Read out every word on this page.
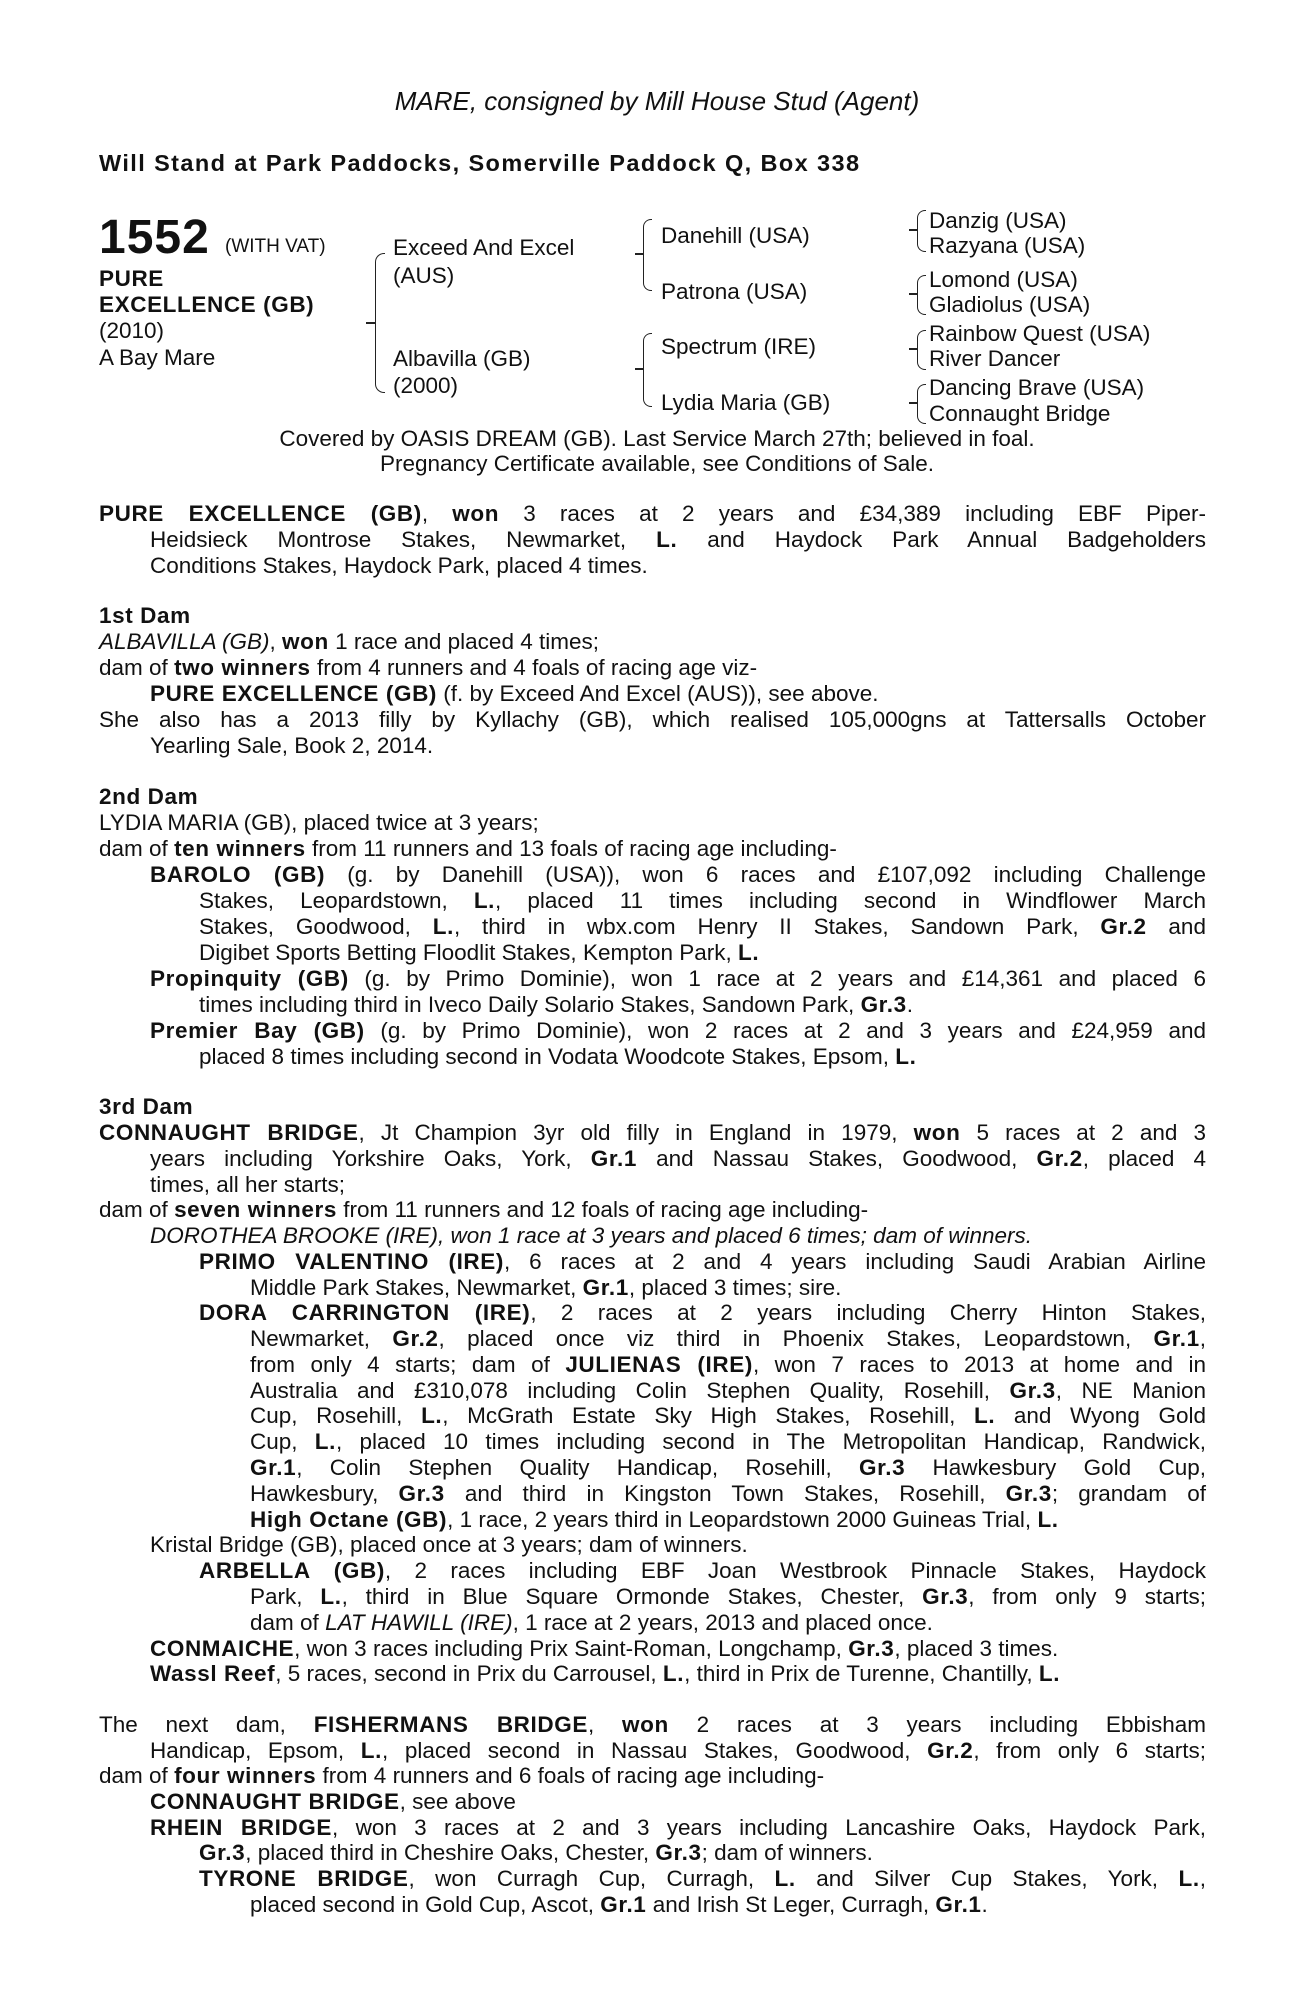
MARE, consigned by Mill House Stud (Agent)
Will Stand at Park Paddocks, Somerville Paddock Q, Box 338
1552 (WITH VAT)
PURE
EXCELLENCE (GB)
(2010)
A Bay Mare
Exceed And Excel
(AUS)
Albavilla (GB)
(2000)
Danehill (USA)
Patrona (USA)
Spectrum (IRE)
Lydia Maria (GB)
Danzig (USA)
Razyana (USA)
Lomond (USA)
Gladiolus (USA)
Rainbow Quest (USA)
River Dancer
Dancing Brave (USA)
Connaught Bridge
Covered by OASIS DREAM (GB). Last Service March 27th; believed in foal.
Pregnancy Certificate available, see Conditions of Sale.
PURE EXCELLENCE (GB), won 3 races at 2 years and £34,389 including EBF Piper-
Heidsieck Montrose Stakes, Newmarket, L. and Haydock Park Annual Badgeholders
Conditions Stakes, Haydock Park, placed 4 times.
1st Dam
ALBAVILLA (GB), won 1 race and placed 4 times;
dam of two winners from 4 runners and 4 foals of racing age viz-
PURE EXCELLENCE (GB) (f. by Exceed And Excel (AUS)), see above.
She also has a 2013 filly by Kyllachy (GB), which realised 105,000gns at Tattersalls October
Yearling Sale, Book 2, 2014.
2nd Dam
LYDIA MARIA (GB), placed twice at 3 years;
dam of ten winners from 11 runners and 13 foals of racing age including-
BAROLO (GB) (g. by Danehill (USA)), won 6 races and £107,092 including Challenge
Stakes, Leopardstown, L., placed 11 times including second in Windflower March
Stakes, Goodwood, L., third in wbx.com Henry II Stakes, Sandown Park, Gr.2 and
Digibet Sports Betting Floodlit Stakes, Kempton Park, L.
Propinquity (GB) (g. by Primo Dominie), won 1 race at 2 years and £14,361 and placed 6
times including third in Iveco Daily Solario Stakes, Sandown Park, Gr.3.
Premier Bay (GB) (g. by Primo Dominie), won 2 races at 2 and 3 years and £24,959 and
placed 8 times including second in Vodata Woodcote Stakes, Epsom, L.
3rd Dam
CONNAUGHT BRIDGE, Jt Champion 3yr old filly in England in 1979, won 5 races at 2 and 3
years including Yorkshire Oaks, York, Gr.1 and Nassau Stakes, Goodwood, Gr.2, placed 4
times, all her starts;
dam of seven winners from 11 runners and 12 foals of racing age including-
DOROTHEA BROOKE (IRE), won 1 race at 3 years and placed 6 times; dam of winners.
PRIMO VALENTINO (IRE), 6 races at 2 and 4 years including Saudi Arabian Airline
Middle Park Stakes, Newmarket, Gr.1, placed 3 times; sire.
DORA CARRINGTON (IRE), 2 races at 2 years including Cherry Hinton Stakes,
Newmarket, Gr.2, placed once viz third in Phoenix Stakes, Leopardstown, Gr.1,
from only 4 starts; dam of JULIENAS (IRE), won 7 races to 2013 at home and in
Australia and £310,078 including Colin Stephen Quality, Rosehill, Gr.3, NE Manion
Cup, Rosehill, L., McGrath Estate Sky High Stakes, Rosehill, L. and Wyong Gold
Cup, L., placed 10 times including second in The Metropolitan Handicap, Randwick,
Gr.1, Colin Stephen Quality Handicap, Rosehill, Gr.3 Hawkesbury Gold Cup,
Hawkesbury, Gr.3 and third in Kingston Town Stakes, Rosehill, Gr.3; grandam of
High Octane (GB), 1 race, 2 years third in Leopardstown 2000 Guineas Trial, L.
Kristal Bridge (GB), placed once at 3 years; dam of winners.
ARBELLA (GB), 2 races including EBF Joan Westbrook Pinnacle Stakes, Haydock
Park, L., third in Blue Square Ormonde Stakes, Chester, Gr.3, from only 9 starts;
dam of LAT HAWILL (IRE), 1 race at 2 years, 2013 and placed once.
CONMAICHE, won 3 races including Prix Saint-Roman, Longchamp, Gr.3, placed 3 times.
Wassl Reef, 5 races, second in Prix du Carrousel, L., third in Prix de Turenne, Chantilly, L.
The next dam, FISHERMANS BRIDGE, won 2 races at 3 years including Ebbisham
Handicap, Epsom, L., placed second in Nassau Stakes, Goodwood, Gr.2, from only 6 starts;
dam of four winners from 4 runners and 6 foals of racing age including-
CONNAUGHT BRIDGE, see above
RHEIN BRIDGE, won 3 races at 2 and 3 years including Lancashire Oaks, Haydock Park,
Gr.3, placed third in Cheshire Oaks, Chester, Gr.3; dam of winners.
TYRONE BRIDGE, won Curragh Cup, Curragh, L. and Silver Cup Stakes, York, L.,
placed second in Gold Cup, Ascot, Gr.1 and Irish St Leger, Curragh, Gr.1.
